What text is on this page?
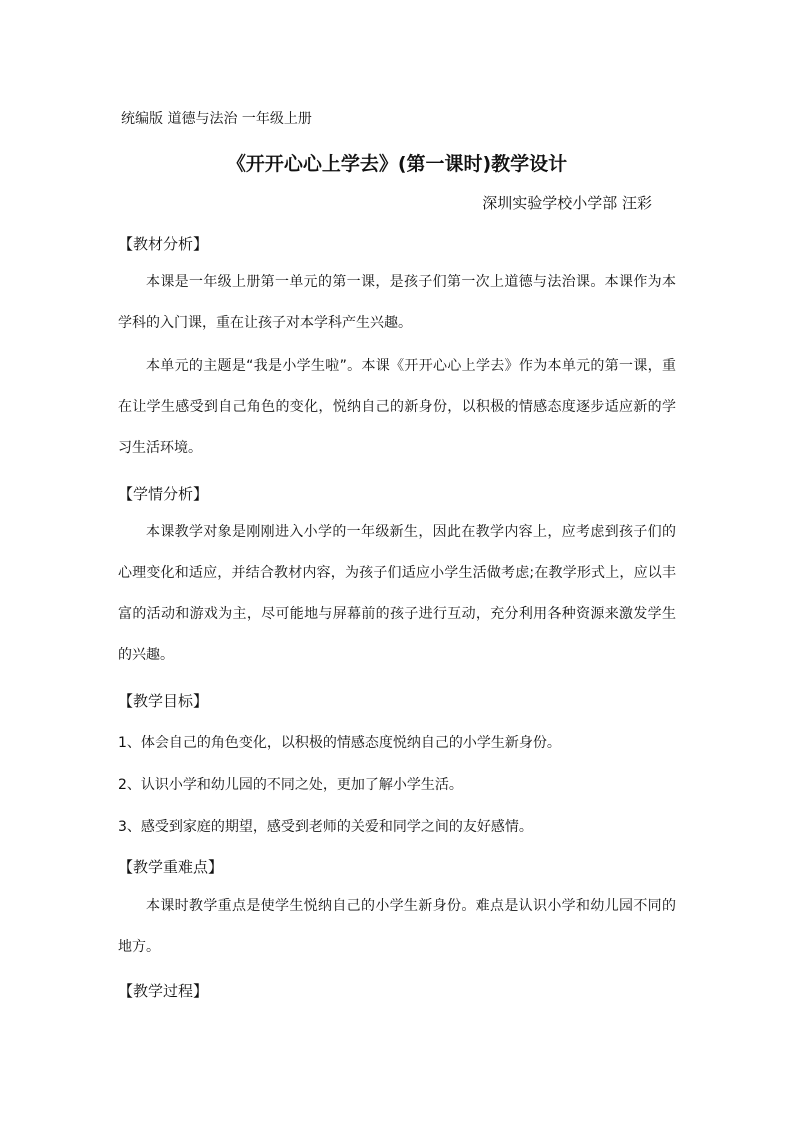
统编版 道德与法治 一年级上册
《开开心心上学去》(第一课时)教学设计
深圳实验学校小学部 汪彩
【教材分析】
本课是一年级上册第一单元的第一课，是孩子们第一次上道德与法治课。本课作为本学科的入门课，重在让孩子对本学科产生兴趣。
本单元的主题是“我是小学生啦”。本课《开开心心上学去》作为本单元的第一课，重在让学生感受到自己角色的变化，悦纳自己的新身份，以积极的情感态度逐步适应新的学习生活环境。
【学情分析】
本课教学对象是刚刚进入小学的一年级新生，因此在教学内容上，应考虑到孩子们的心理变化和适应，并结合教材内容，为孩子们适应小学生活做考虑;在教学形式上，应以丰富的活动和游戏为主，尽可能地与屏幕前的孩子进行互动，充分利用各种资源来激发学生的兴趣。
【教学目标】
1、体会自己的角色变化，以积极的情感态度悦纳自己的小学生新身份。
2、认识小学和幼儿园的不同之处，更加了解小学生活。
3、感受到家庭的期望，感受到老师的关爱和同学之间的友好感情。
【教学重难点】
本课时教学重点是使学生悦纳自己的小学生新身份。难点是认识小学和幼儿园不同的地方。
【教学过程】
